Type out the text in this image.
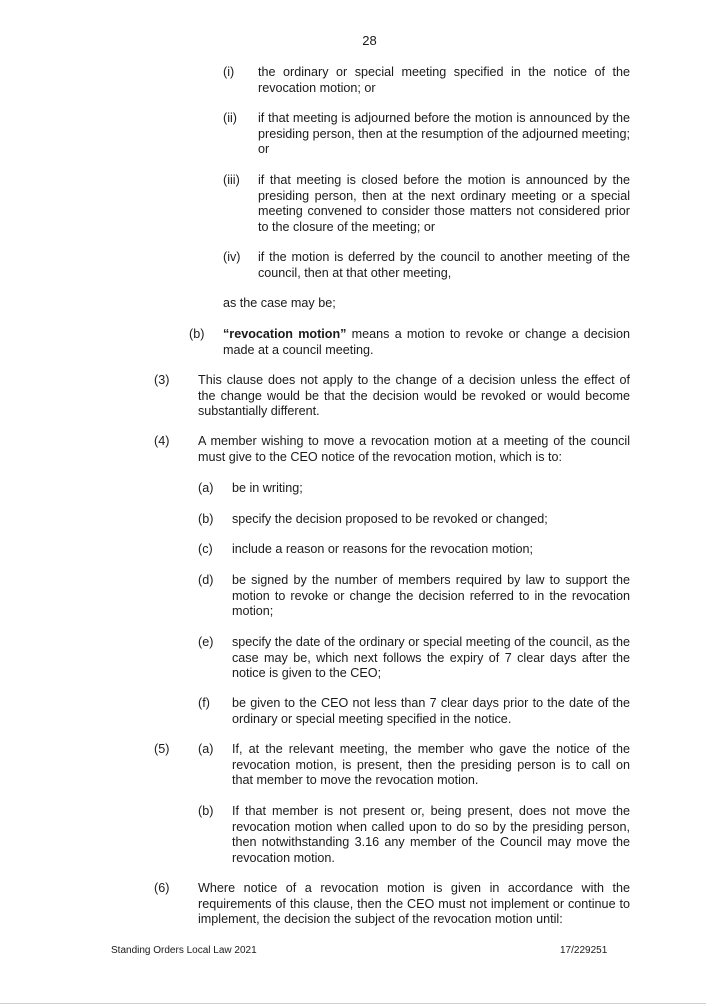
28
(i) the ordinary or special meeting specified in the notice of the revocation motion; or
(ii) if that meeting is adjourned before the motion is announced by the presiding person, then at the resumption of the adjourned meeting; or
(iii) if that meeting is closed before the motion is announced by the presiding person, then at the next ordinary meeting or a special meeting convened to consider those matters not considered prior to the closure of the meeting; or
(iv) if the motion is deferred by the council to another meeting of the council, then at that other meeting,
as the case may be;
(b) “revocation motion” means a motion to revoke or change a decision made at a council meeting.
(3) This clause does not apply to the change of a decision unless the effect of the change would be that the decision would be revoked or would become substantially different.
(4) A member wishing to move a revocation motion at a meeting of the council must give to the CEO notice of the revocation motion, which is to:
(a) be in writing;
(b) specify the decision proposed to be revoked or changed;
(c) include a reason or reasons for the revocation motion;
(d) be signed by the number of members required by law to support the motion to revoke or change the decision referred to in the revocation motion;
(e) specify the date of the ordinary or special meeting of the council, as the case may be, which next follows the expiry of 7 clear days after the notice is given to the CEO;
(f) be given to the CEO not less than 7 clear days prior to the date of the ordinary or special meeting specified in the notice.
(5) (a) If, at the relevant meeting, the member who gave the notice of the revocation motion, is present, then the presiding person is to call on that member to move the revocation motion.
(b) If that member is not present or, being present, does not move the revocation motion when called upon to do so by the presiding person, then notwithstanding 3.16 any member of the Council may move the revocation motion.
(6) Where notice of a revocation motion is given in accordance with the requirements of this clause, then the CEO must not implement or continue to implement, the decision the subject of the revocation motion until:
Standing Orders Local Law 2021	17/229251
